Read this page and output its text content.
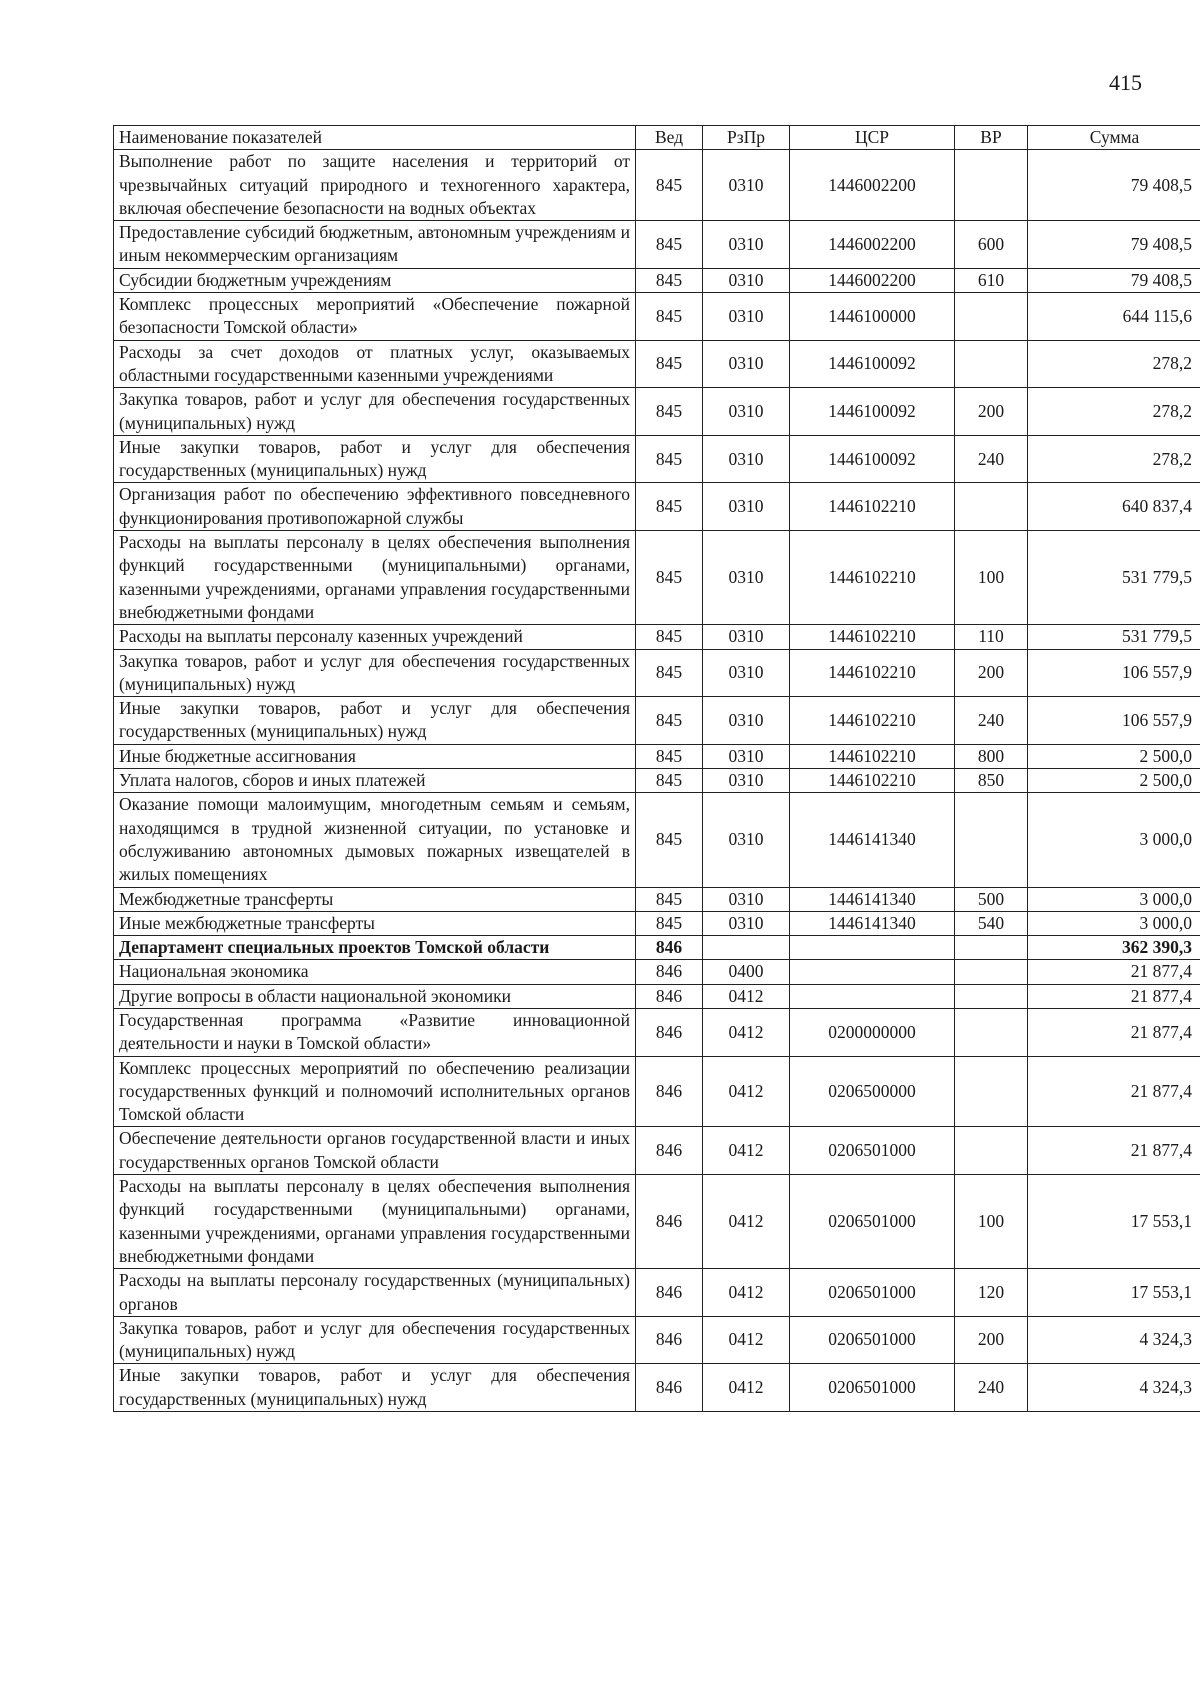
415
Наименование показателей	Вед	РзПр	ЦСР	ВР	Сумма
Выполнение работ по защите населения и территорий от чрезвычайных ситуаций природного и техногенного характера, включая обеспечение безопасности на водных объектах	845	0310	1446002200		79 408,5
Предоставление субсидий бюджетным, автономным учреждениям и иным некоммерческим организациям	845	0310	1446002200	600	79 408,5
Субсидии бюджетным учреждениям	845	0310	1446002200	610	79 408,5
Комплекс процессных мероприятий «Обеспечение пожарной безопасности Томской области»	845	0310	1446100000		644 115,6
Расходы за счет доходов от платных услуг, оказываемых областными государственными казенными учреждениями	845	0310	1446100092		278,2
Закупка товаров, работ и услуг для обеспечения государственных (муниципальных) нужд	845	0310	1446100092	200	278,2
Иные закупки товаров, работ и услуг для обеспечения государственных (муниципальных) нужд	845	0310	1446100092	240	278,2
Организация работ по обеспечению эффективного повседневного функционирования противопожарной службы	845	0310	1446102210		640 837,4
Расходы на выплаты персоналу в целях обеспечения выполнения функций государственными (муниципальными) органами, казенными учреждениями, органами управления государственными внебюджетными фондами	845	0310	1446102210	100	531 779,5
Расходы на выплаты персоналу казенных учреждений	845	0310	1446102210	110	531 779,5
Закупка товаров, работ и услуг для обеспечения государственных (муниципальных) нужд	845	0310	1446102210	200	106 557,9
Иные закупки товаров, работ и услуг для обеспечения государственных (муниципальных) нужд	845	0310	1446102210	240	106 557,9
Иные бюджетные ассигнования	845	0310	1446102210	800	2 500,0
Уплата налогов, сборов и иных платежей	845	0310	1446102210	850	2 500,0
Оказание помощи малоимущим, многодетным семьям и семьям, находящимся в трудной жизненной ситуации, по установке и обслуживанию автономных дымовых пожарных извещателей в жилых помещениях	845	0310	1446141340		3 000,0
Межбюджетные трансферты	845	0310	1446141340	500	3 000,0
Иные межбюджетные трансферты	845	0310	1446141340	540	3 000,0
Департамент специальных проектов Томской области	846				362 390,3
Национальная экономика	846	0400			21 877,4
Другие вопросы в области национальной экономики	846	0412			21 877,4
Государственная программа «Развитие инновационной деятельности и науки в Томской области»	846	0412	0200000000		21 877,4
Комплекс процессных мероприятий по обеспечению реализации государственных функций и полномочий исполнительных органов Томской области	846	0412	0206500000		21 877,4
Обеспечение деятельности органов государственной власти и иных государственных органов Томской области	846	0412	0206501000		21 877,4
Расходы на выплаты персоналу в целях обеспечения выполнения функций государственными (муниципальными) органами, казенными учреждениями, органами управления государственными внебюджетными фондами	846	0412	0206501000	100	17 553,1
Расходы на выплаты персоналу государственных (муниципальных) органов	846	0412	0206501000	120	17 553,1
Закупка товаров, работ и услуг для обеспечения государственных (муниципальных) нужд	846	0412	0206501000	200	4 324,3
Иные закупки товаров, работ и услуг для обеспечения государственных (муниципальных) нужд	846	0412	0206501000	240	4 324,3
